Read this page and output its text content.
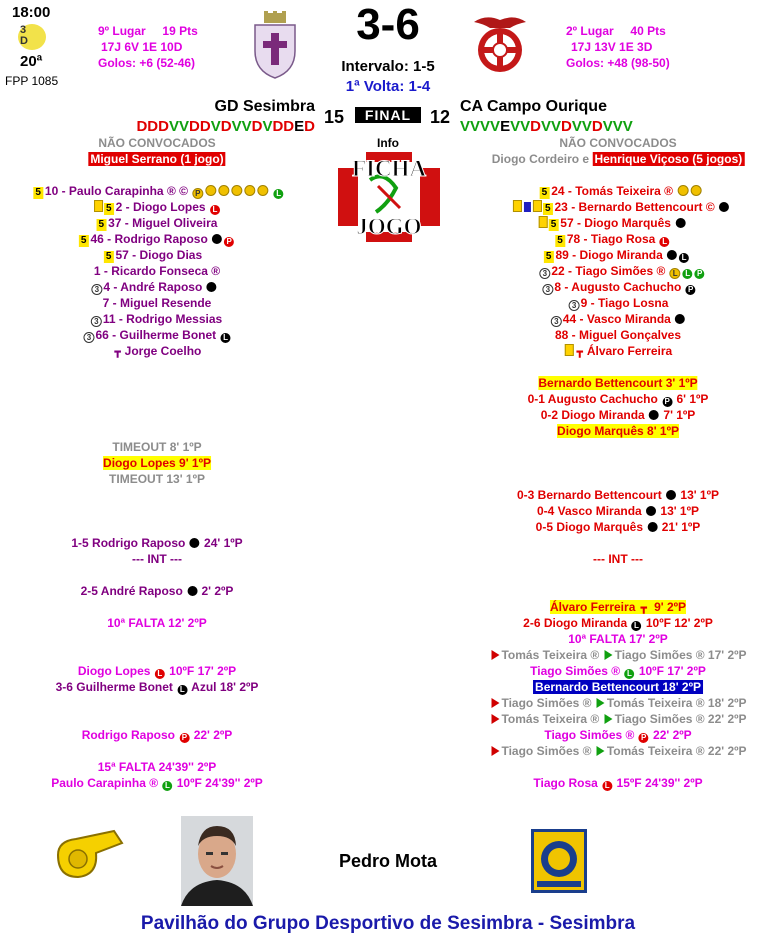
18:00
3 D
20ª
FPP 1085
9º Lugar 19 Pts
17J 6V 1E 10D
Golos: +6 (52-46)
3-6
Intervalo: 1-5
1ª Volta: 1-4
2º Lugar 40 Pts
17J 13V 1E 3D
Golos: +48 (98-50)
GD Sesimbra
15	FINAL	12
CA Campo Ourique
DDDVVDDVDVVDVDDED	VVVVEVVDVVDVVDVVV
Info
FICHA
JOGO
NÃO CONVOCADOS
Miguel Serrano (1 jogo)
NÃO CONVOCADOS
Diogo Cordeiro e Henrique Viçoso (5 jogos)
5 10 - Paulo Carapinha ® © P	L
5 2 - Diogo Lopes L
5 37 - Miguel Oliveira
5 46 - Rodrigo Raposo P
5 57 - Diogo Dias
1 - Ricardo Fonseca ®
3 4 - André Raposo
7 - Miguel Resende
3 11 - Rodrigo Messias
3 66 - Guilherme Bonet L
┳ Jorge Coelho
5 24 - Tomás Teixeira ®
5 23 - Bernardo Bettencourt ©
5 57 - Diogo Marquês
5 78 - Tiago Rosa L
5 89 - Diogo Miranda L
3 22 - Tiago Simões ® L L P
3 8 - Augusto Cachucho P
3 9 - Tiago Losna
3 44 - Vasco Miranda
88 - Miguel Gonçalves
┳ Álvaro Ferreira
TIMEOUT 8' 1ºP
Diogo Lopes 9' 1ºP
TIMEOUT 13' 1ºP
1-5 Rodrigo Raposo 24' 1ºP
--- INT ---
2-5 André Raposo 2' 2ºP
10ª FALTA 12' 2ºP
Diogo Lopes L 10ºF 17' 2ºP
3-6 Guilherme Bonet L Azul 18' 2ºP
Rodrigo Raposo P 22' 2ºP
15ª FALTA 24'39'' 2ºP
Paulo Carapinha ® L 10ºF 24'39'' 2ºP
Bernardo Bettencourt 3' 1ºP
0-1 Augusto Cachucho P 6' 1ºP
0-2 Diogo Miranda 7' 1ºP
Diogo Marquês 8' 1ºP
0-3 Bernardo Bettencourt 13' 1ºP
0-4 Vasco Miranda 13' 1ºP
0-5 Diogo Marquês 21' 1ºP
--- INT ---
Álvaro Ferreira ┳ 9' 2ºP
2-6 Diogo Miranda L 10ºF 12' 2ºP
10ª FALTA 17' 2ºP
Tomás Teixeira ® Tiago Simões ® 17' 2ºP
Tiago Simões ® L 10ºF 17' 2ºP
Bernardo Bettencourt 18' 2ºP
Tiago Simões ® Tomás Teixeira ® 18' 2ºP
Tomás Teixeira ® Tiago Simões ® 22' 2ºP
Tiago Simões ® P 22' 2ºP
Tiago Simões ® Tomás Teixeira ® 22' 2ºP
Tiago Rosa L 15ºF 24'39'' 2ºP
Pedro Mota
Pavilhão do Grupo Desportivo de Sesimbra - Sesimbra
